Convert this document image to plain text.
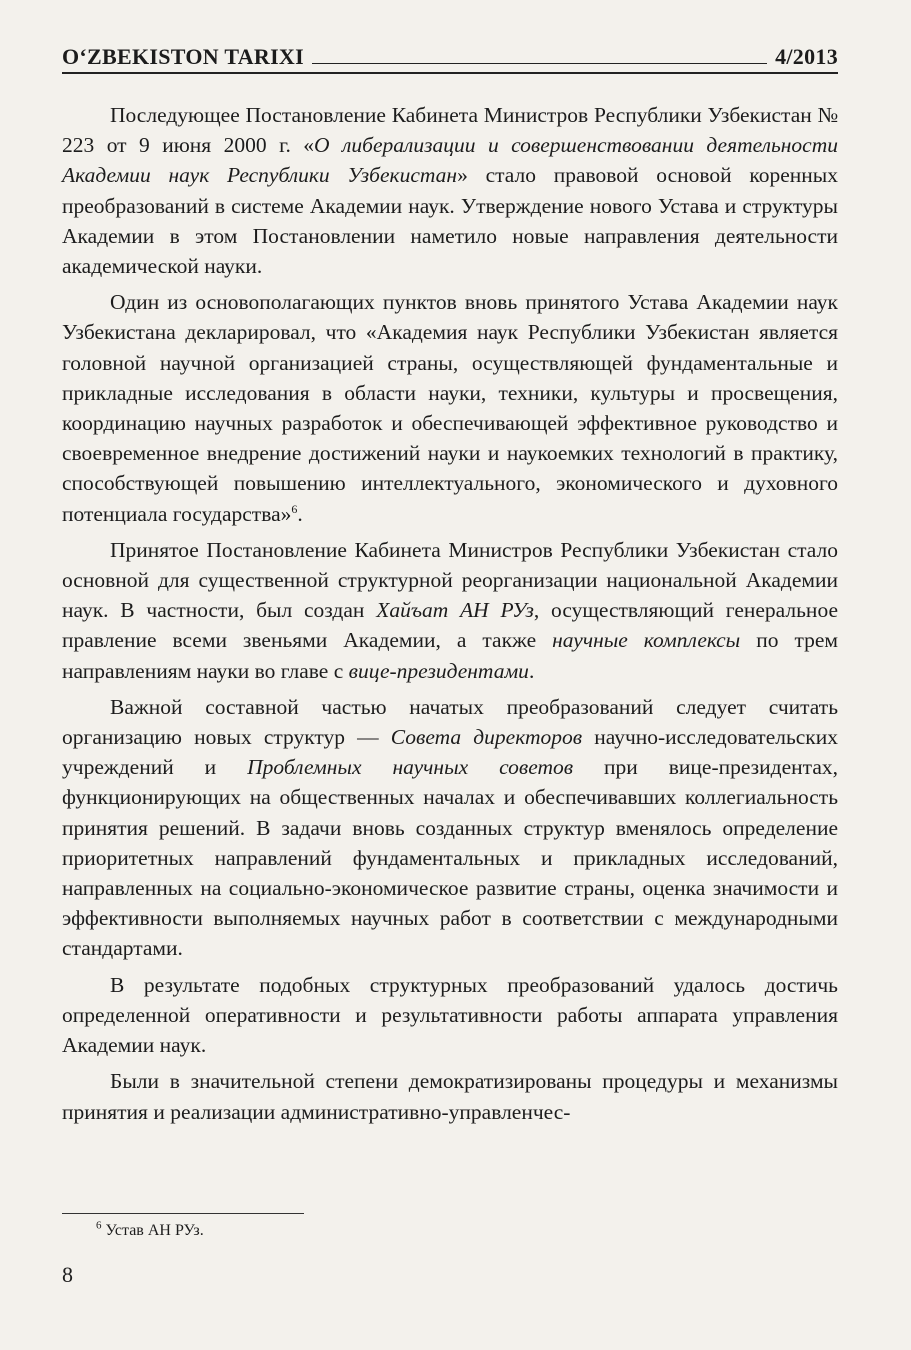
O‘ZBEKISTON TARIXI	4/2013

Последующее Постановление Кабинета Министров Республики Узбекистан № 223 от 9 июня 2000 г. «О либерализации и совершенствовании деятельности Академии наук Республики Узбекистан» стало правовой основой коренных преобразований в системе Академии наук. Утверждение нового Устава и структуры Академии в этом Постановлении наметило новые направления деятельности академической науки.

Один из основополагающих пунктов вновь принятого Устава Академии наук Узбекистана декларировал, что «Академия наук Республики Узбекистан является головной научной организацией страны, осуществляющей фундаментальные и прикладные исследования в области науки, техники, культуры и просвещения, координацию научных разработок и обеспечивающей эффективное руководство и своевременное внедрение достижений науки и наукоемких технологий в практику, способствующей повышению интеллектуального, экономического и духовного потенциала государства»$^6$.

Принятое Постановление Кабинета Министров Республики Узбекистан стало основной для существенной структурной реорганизации национальной Академии наук. В частности, был создан Хайъат АН РУз, осуществляющий генеральное правление всеми звеньями Академии, а также научные комплексы по трем направлениям науки во главе с вице-президентами.

Важной составной частью начатых преобразований следует считать организацию новых структур — Совета директоров научно-исследовательских учреждений и Проблемных научных советов при вице-президентах, функционирующих на общественных началах и обеспечивавших коллегиальность принятия решений. В задачи вновь созданных структур вменялось определение приоритетных направлений фундаментальных и прикладных исследований, направленных на социально-экономическое развитие страны, оценка значимости и эффективности выполняемых научных работ в соответствии с международными стандартами.

В результате подобных структурных преобразований удалось достичь определенной оперативности и результативности работы аппарата управления Академии наук.

Были в значительной степени демократизированы процедуры и механизмы принятия и реализации административно-управленчес-

$^6$ Устав АН РУз.
8
